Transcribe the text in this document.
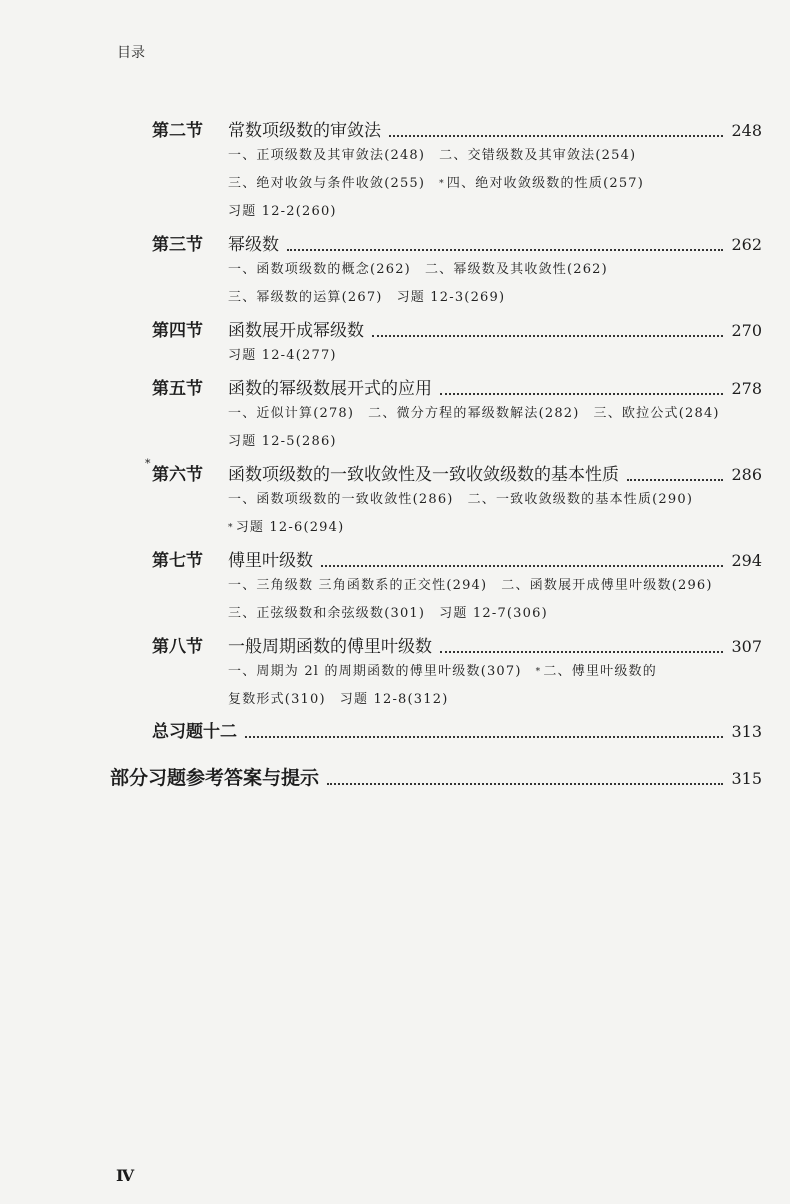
目录
第二节	常数项级数的审敛法	248
一、正项级数及其审敛法(248) 二、交错级数及其审敛法(254)
三、绝对收敛与条件收敛(255) * 四、绝对收敛级数的性质(257)
习题 12-2(260)
第三节	幂级数	262
一、函数项级数的概念(262) 二、幂级数及其收敛性(262)
三、幂级数的运算(267) 习题 12-3(269)
第四节	函数展开成幂级数	270
习题 12-4(277)
第五节	函数的幂级数展开式的应用	278
一、近似计算(278) 二、微分方程的幂级数解法(282) 三、欧拉公式(284)
习题 12-5(286)
*
第六节	函数项级数的一致收敛性及一致收敛级数的基本性质	286
一、函数项级数的一致收敛性(286) 二、一致收敛级数的基本性质(290)
* 习题 12-6(294)
第七节	傅里叶级数	294
一、三角级数 三角函数系的正交性(294) 二、函数展开成傅里叶级数(296)
三、正弦级数和余弦级数(301) 习题 12-7(306)
第八节	一般周期函数的傅里叶级数	307
一、周期为 2l 的周期函数的傅里叶级数(307) * 二、傅里叶级数的
复数形式(310) 习题 12-8(312)
总习题十二	313
部分习题参考答案与提示	315
Ⅳ
